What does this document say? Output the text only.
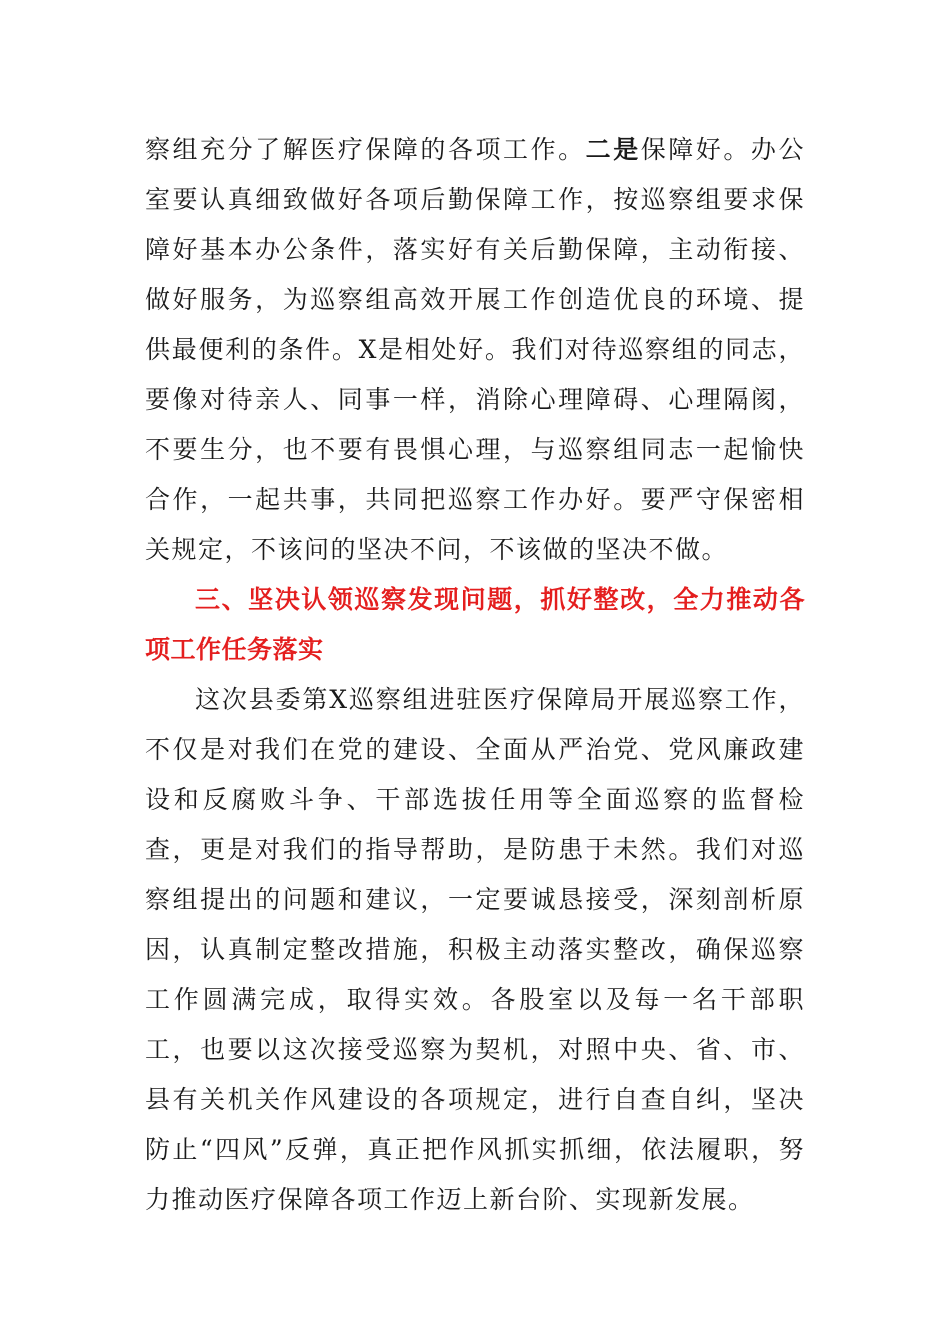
察组充分了解医疗保障的各项工作。二是保障好。办公室要认真细致做好各项后勤保障工作，按巡察组要求保障好基本办公条件，落实好有关后勤保障，主动衔接、做好服务，为巡察组高效开展工作创造优良的环境、提供最便利的条件。X是相处好。我们对待巡察组的同志，要像对待亲人、同事一样，消除心理障碍、心理隔阂，不要生分，也不要有畏惧心理，与巡察组同志一起愉快合作，一起共事，共同把巡察工作办好。要严守保密相关规定，不该问的坚决不问，不该做的坚决不做。

三、坚决认领巡察发现问题，抓好整改，全力推动各项工作任务落实

这次县委第X巡察组进驻医疗保障局开展巡察工作，不仅是对我们在党的建设、全面从严治党、党风廉政建设和反腐败斗争、干部选拔任用等全面巡察的监督检查，更是对我们的指导帮助，是防患于未然。我们对巡察组提出的问题和建议，一定要诚恳接受，深刻剖析原因，认真制定整改措施，积极主动落实整改，确保巡察工作圆满完成，取得实效。各股室以及每一名干部职工，也要以这次接受巡察为契机，对照中央、省、市、县有关机关作风建设的各项规定，进行自查自纠，坚决防止“四风”反弹，真正把作风抓实抓细，依法履职，努力推动医疗保障各项工作迈上新台阶、实现新发展。
